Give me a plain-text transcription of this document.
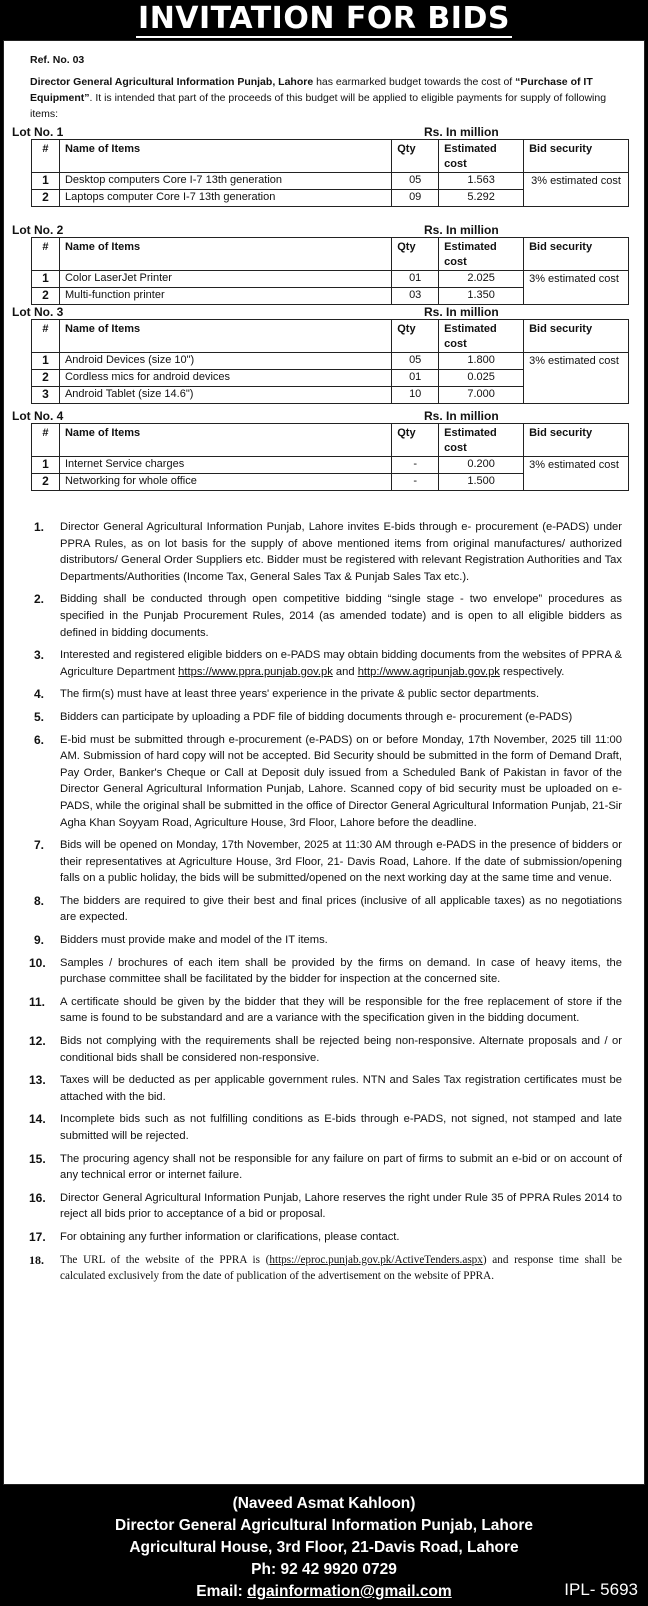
INVITATION FOR BIDS
Ref. No. 03

Director General Agricultural Information Punjab, Lahore has earmarked budget towards the cost of “Purchase of IT Equipment”. It is intended that part of the proceeds of this budget will be applied to eligible payments for supply of following items:

Lot No. 1	Rs. In million
#	Name of Items	Qty	Estimated cost	Bid security
1	Desktop computers Core I-7 13th generation	05	1.563	3% estimated cost
2	Laptops computer Core I-7 13th generation	09	5.292	
Lot No. 2	Rs. In million
#	Name of Items	Qty	Estimated cost	Bid security
1	Color LaserJet Printer	01	2.025	3% estimated cost
2	Multi-function printer	03	1.350	
Lot No. 3	Rs. In million
#	Name of Items	Qty	Estimated cost	Bid security
1	Android Devices (size 10")	05	1.800	3% estimated cost
2	Cordless mics for android devices	01	0.025	
3	Android Tablet (size 14.6")	10	7.000	
Lot No. 4	Rs. In million
#	Name of Items	Qty	Estimated cost	Bid security
1	Internet Service charges	-	0.200	3% estimated cost
2	Networking for whole office	-	1.500	
1.	Director General Agricultural Information Punjab, Lahore invites E-bids through e- procurement (e-PADS) under PPRA Rules, as on lot basis for the supply of above mentioned items from original manufactures/ authorized distributors/ General Order Suppliers etc. Bidder must be registered with relevant Registration Authorities and Tax Departments/Authorities (Income Tax, General Sales Tax & Punjab Sales Tax etc.).
2.	Bidding shall be conducted through open competitive bidding “single stage - two envelope” procedures as specified in the Punjab Procurement Rules, 2014 (as amended todate) and is open to all eligible bidders as defined in bidding documents.
3.	Interested and registered eligible bidders on e-PADS may obtain bidding documents from the websites of PPRA & Agriculture Department https://www.ppra.punjab.gov.pk and http://www.agripunjab.gov.pk respectively.
4.	The firm(s) must have at least three years' experience in the private & public sector departments.
5.	Bidders can participate by uploading a PDF file of bidding documents through e- procurement (e-PADS)
6.	E-bid must be submitted through e-procurement (e-PADS) on or before Monday, 17th November, 2025 till 11:00 AM. Submission of hard copy will not be accepted. Bid Security should be submitted in the form of Demand Draft, Pay Order, Banker's Cheque or Call at Deposit duly issued from a Scheduled Bank of Pakistan in favor of the Director General Agricultural Information Punjab, Lahore. Scanned copy of bid security must be uploaded on e-PADS, while the original shall be submitted in the office of Director General Agricultural Information Punjab, 21-Sir Agha Khan Soyyam Road, Agriculture House, 3rd Floor, Lahore before the deadline.
7.	Bids will be opened on Monday, 17th November, 2025 at 11:30 AM through e-PADS in the presence of bidders or their representatives at Agriculture House, 3rd Floor, 21- Davis Road, Lahore. If the date of submission/opening falls on a public holiday, the bids will be submitted/opened on the next working day at the same time and venue.
8.	The bidders are required to give their best and final prices (inclusive of all applicable taxes) as no negotiations are expected.
9.	Bidders must provide make and model of the IT items.
10. Samples / brochures of each item shall be provided by the firms on demand. In case of heavy items, the purchase committee shall be facilitated by the bidder for inspection at the concerned site.
11.	A certificate should be given by the bidder that they will be responsible for the free replacement of store if the same is found to be substandard and are a variance with the specification given in the bidding document.
12. Bids not complying with the requirements shall be rejected being non-responsive. Alternate proposals and / or conditional bids shall be considered non-responsive.
13. Taxes will be deducted as per applicable government rules. NTN and Sales Tax registration certificates must be attached with the bid.
14. Incomplete bids such as not fulfilling conditions as E-bids through e-PADS, not signed, not stamped and late submitted will be rejected.
15. The procuring agency shall not be responsible for any failure on part of firms to submit an e-bid or on account of any technical error or internet failure.
16. Director General Agricultural Information Punjab, Lahore reserves the right under Rule 35 of PPRA Rules 2014 to reject all bids prior to acceptance of a bid or proposal.
17. For obtaining any further information or clarifications, please contact.
18.	The URL of the website of the PPRA is (https://eproc.punjab.gov.pk/ActiveTenders.aspx) and response time shall be calculated exclusively from the date of publication of the advertisement on the website of PPRA.
(Naveed Asmat Kahloon)
Director General Agricultural Information Punjab, Lahore
Agricultural House, 3rd Floor, 21-Davis Road, Lahore
Ph: 92 42 9920 0729
Email: dgainformation@gmail.com	IPL- 5693
